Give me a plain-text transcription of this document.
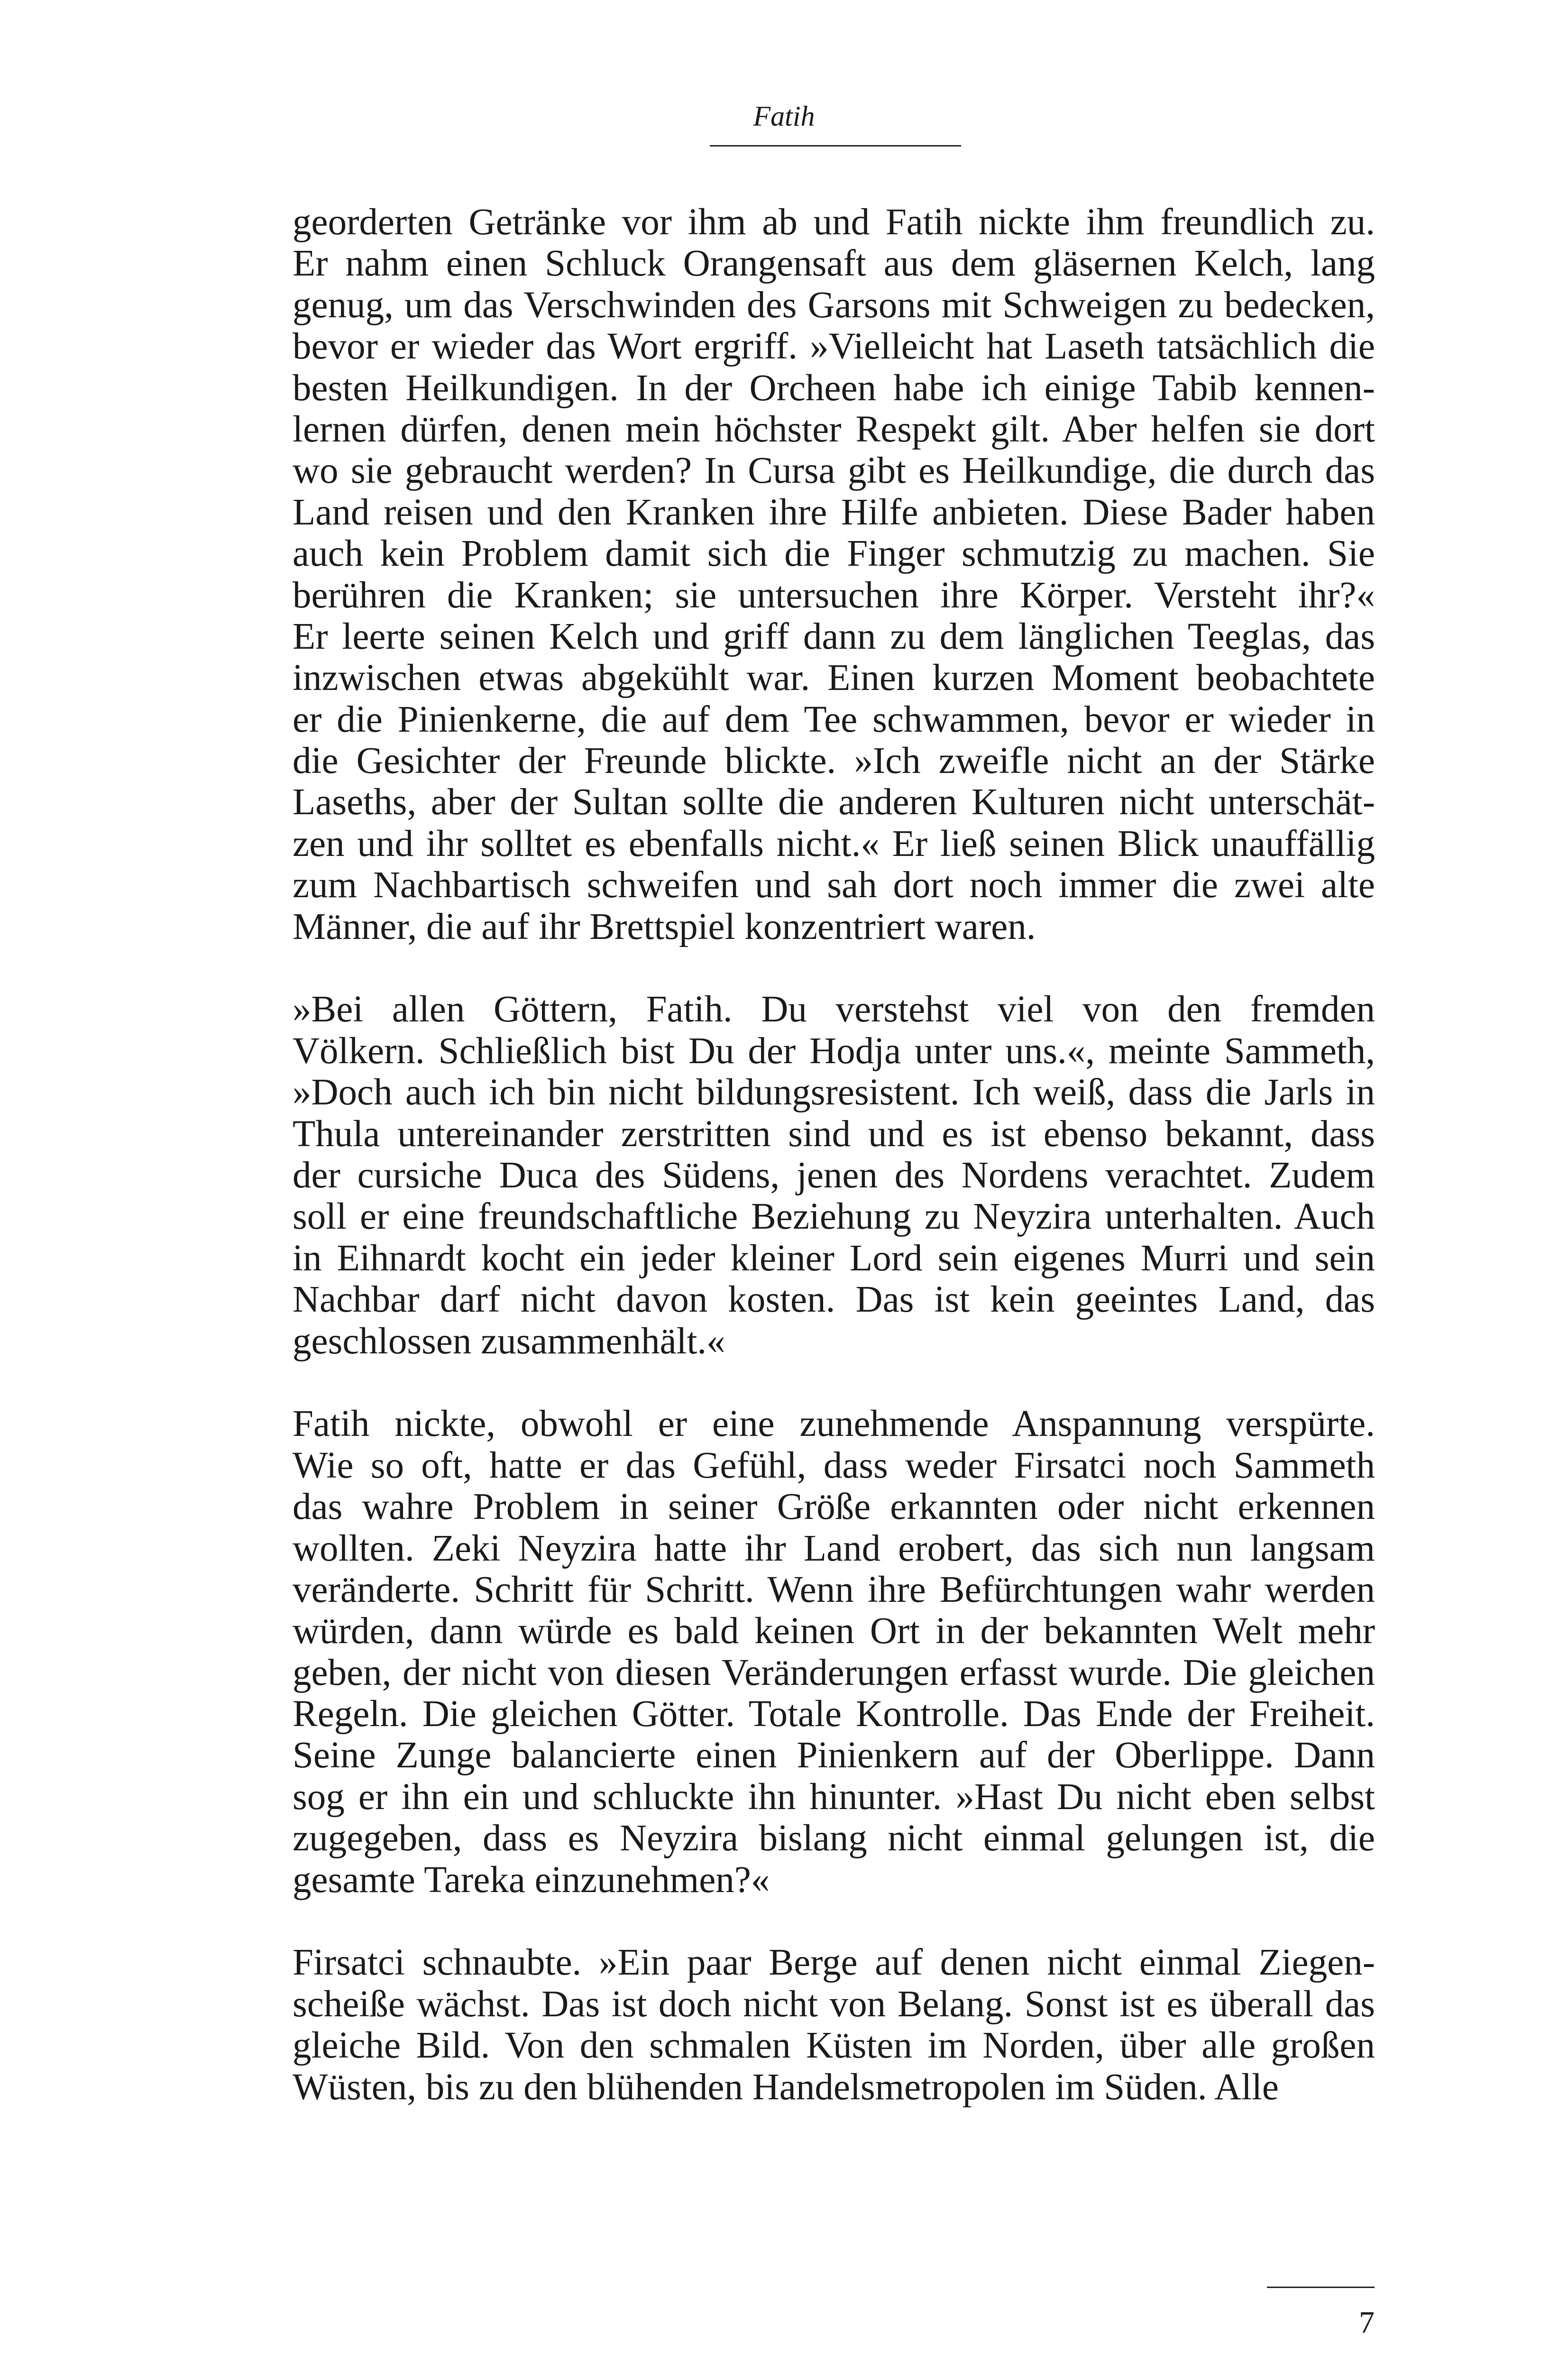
Fatih
georderten Getränke vor ihm ab und Fatih nickte ihm freundlich zu.
Er nahm einen Schluck Orangensaft aus dem gläsernen Kelch, lang
genug, um das Verschwinden des Garsons mit Schweigen zu bedecken,
bevor er wieder das Wort ergriff. »Vielleicht hat Laseth tatsächlich die
besten Heilkundigen. In der Orcheen habe ich einige Tabib kennen-
lernen dürfen, denen mein höchster Respekt gilt. Aber helfen sie dort
wo sie gebraucht werden? In Cursa gibt es Heilkundige, die durch das
Land reisen und den Kranken ihre Hilfe anbieten. Diese Bader haben
auch kein Problem damit sich die Finger schmutzig zu machen. Sie
berühren die Kranken; sie untersuchen ihre Körper. Versteht ihr?«
Er leerte seinen Kelch und griff dann zu dem länglichen Teeglas, das
inzwischen etwas abgekühlt war. Einen kurzen Moment beobachtete
er die Pinienkerne, die auf dem Tee schwammen, bevor er wieder in
die Gesichter der Freunde blickte. »Ich zweifle nicht an der Stärke
Laseths, aber der Sultan sollte die anderen Kulturen nicht unterschät-
zen und ihr solltet es ebenfalls nicht.« Er ließ seinen Blick unauffällig
zum Nachbartisch schweifen und sah dort noch immer die zwei alte
Männer, die auf ihr Brettspiel konzentriert waren.
»Bei allen Göttern, Fatih. Du verstehst viel von den fremden
Völkern. Schließlich bist Du der Hodja unter uns.«, meinte Sammeth,
»Doch auch ich bin nicht bildungsresistent. Ich weiß, dass die Jarls in
Thula untereinander zerstritten sind und es ist ebenso bekannt, dass
der cursiche Duca des Südens, jenen des Nordens verachtet. Zudem
soll er eine freundschaftliche Beziehung zu Neyzira unterhalten. Auch
in Eihnardt kocht ein jeder kleiner Lord sein eigenes Murri und sein
Nachbar darf nicht davon kosten. Das ist kein geeintes Land, das
geschlossen zusammenhält.«
Fatih nickte, obwohl er eine zunehmende Anspannung verspürte.
Wie so oft, hatte er das Gefühl, dass weder Firsatci noch Sammeth
das wahre Problem in seiner Größe erkannten oder nicht erkennen
wollten. Zeki Neyzira hatte ihr Land erobert, das sich nun langsam
veränderte. Schritt für Schritt. Wenn ihre Befürchtungen wahr werden
würden, dann würde es bald keinen Ort in der bekannten Welt mehr
geben, der nicht von diesen Veränderungen erfasst wurde. Die gleichen
Regeln. Die gleichen Götter. Totale Kontrolle. Das Ende der Freiheit.
Seine Zunge balancierte einen Pinienkern auf der Oberlippe. Dann
sog er ihn ein und schluckte ihn hinunter. »Hast Du nicht eben selbst
zugegeben, dass es Neyzira bislang nicht einmal gelungen ist, die
gesamte Tareka einzunehmen?«
Firsatci schnaubte. »Ein paar Berge auf denen nicht einmal Ziegen-
scheiße wächst. Das ist doch nicht von Belang. Sonst ist es überall das
gleiche Bild. Von den schmalen Küsten im Norden, über alle großen
Wüsten, bis zu den blühenden Handelsmetropolen im Süden. Alle
7
